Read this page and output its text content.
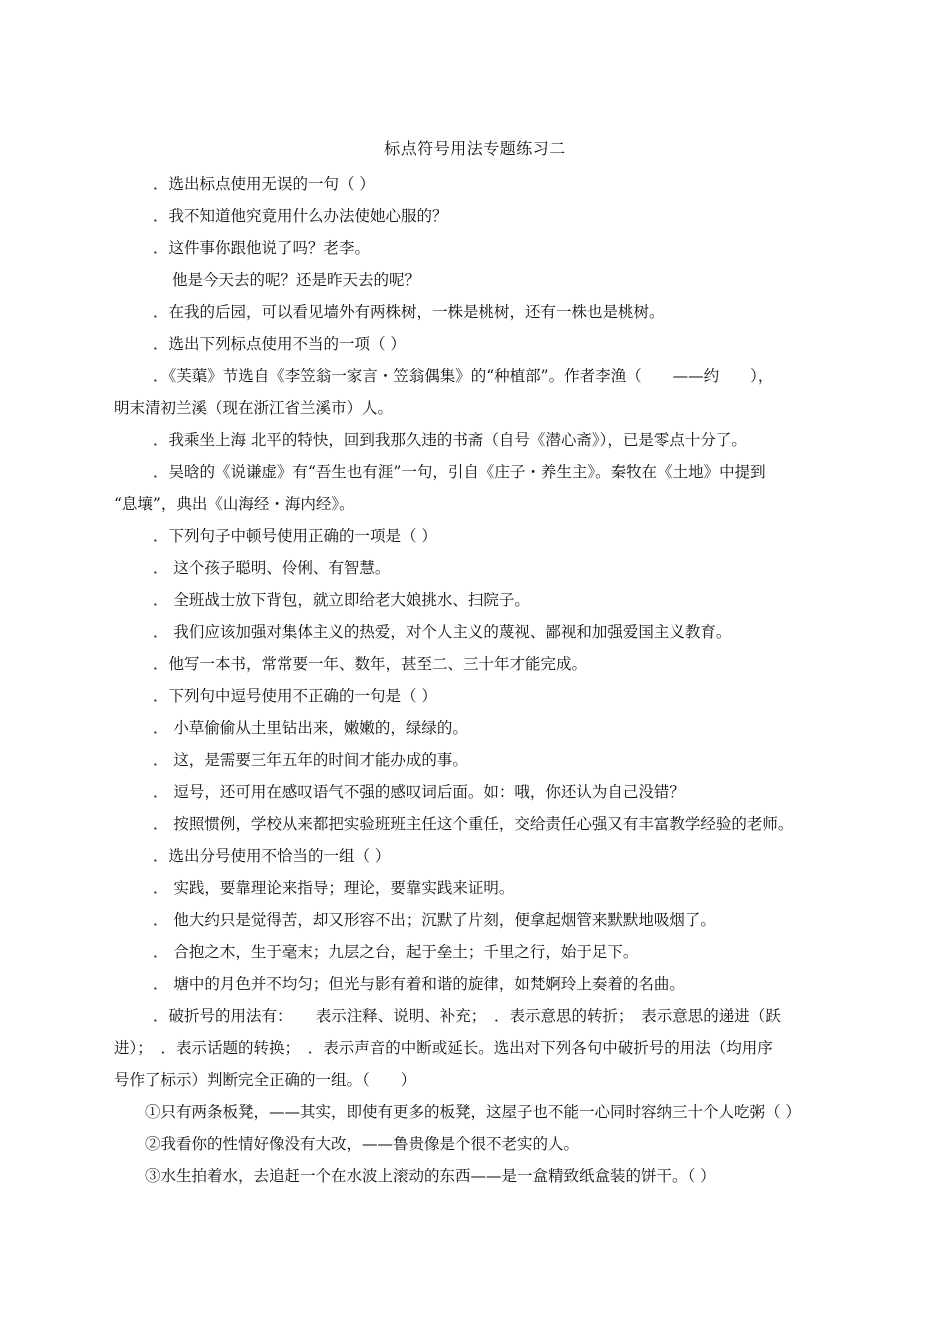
标点符号用法专题练习二
．选出标点使用无误的一句（ ）
．我不知道他究竟用什么办法使她心服的？
．这件事你跟他说了吗？老李。
他是今天去的呢？还是昨天去的呢？
．在我的后园，可以看见墙外有两株树，一株是桃树，还有一株也是桃树。
．选出下列标点使用不当的一项（ ）
．《芙蕖》节选自《李笠翁一家言・笠翁偶集》的“种植部”。作者李渔（　　——约　　），
明末清初兰溪（现在浙江省兰溪市）人。
．我乘坐上海 北平的特快，回到我那久违的书斋（自号《潜心斋》），已是零点十分了。
．吴晗的《说谦虚》有“吾生也有涯”一句，引自《庄子・养生主》。秦牧在《土地》中提到
“息壤”，典出《山海经・海内经》。
．下列句子中顿号使用正确的一项是（ ）
． 这个孩子聪明、伶俐、有智慧。
． 全班战士放下背包，就立即给老大娘挑水、扫院子。
． 我们应该加强对集体主义的热爱，对个人主义的蔑视、鄙视和加强爱国主义教育。
．他写一本书，常常要一年、数年，甚至二、三十年才能完成。
．下列句中逗号使用不正确的一句是（ ）
． 小草偷偷从土里钻出来，嫩嫩的，绿绿的。
． 这，是需要三年五年的时间才能办成的事。
． 逗号，还可用在感叹语气不强的感叹词后面。如：哦，你还认为自己没错？
． 按照惯例，学校从来都把实验班班主任这个重任，交给责任心强又有丰富教学经验的老师。
．选出分号使用不恰当的一组（ ）
． 实践，要靠理论来指导；理论，要靠实践来证明。
． 他大约只是觉得苦，却又形容不出；沉默了片刻，便拿起烟管来默默地吸烟了。
． 合抱之木，生于毫末；九层之台，起于垒土；千里之行，始于足下。
． 塘中的月色并不均匀；但光与影有着和谐的旋律，如梵婀玲上奏着的名曲。
．破折号的用法有：　　表示注释、说明、补充；　．表示意思的转折；　表示意思的递进（跃
进）；　．表示话题的转换；　．表示声音的中断或延长。选出对下列各句中破折号的用法（均用序
号作了标示）判断完全正确的一组。（　　）
①只有两条板凳，——其实，即使有更多的板凳，这屋子也不能一心同时容纳三十个人吃粥（ ）
②我看你的性情好像没有大改，——鲁贵像是个很不老实的人。
③水生拍着水，去追赶一个在水波上滚动的东西——是一盒精致纸盒装的饼干。（ ）
